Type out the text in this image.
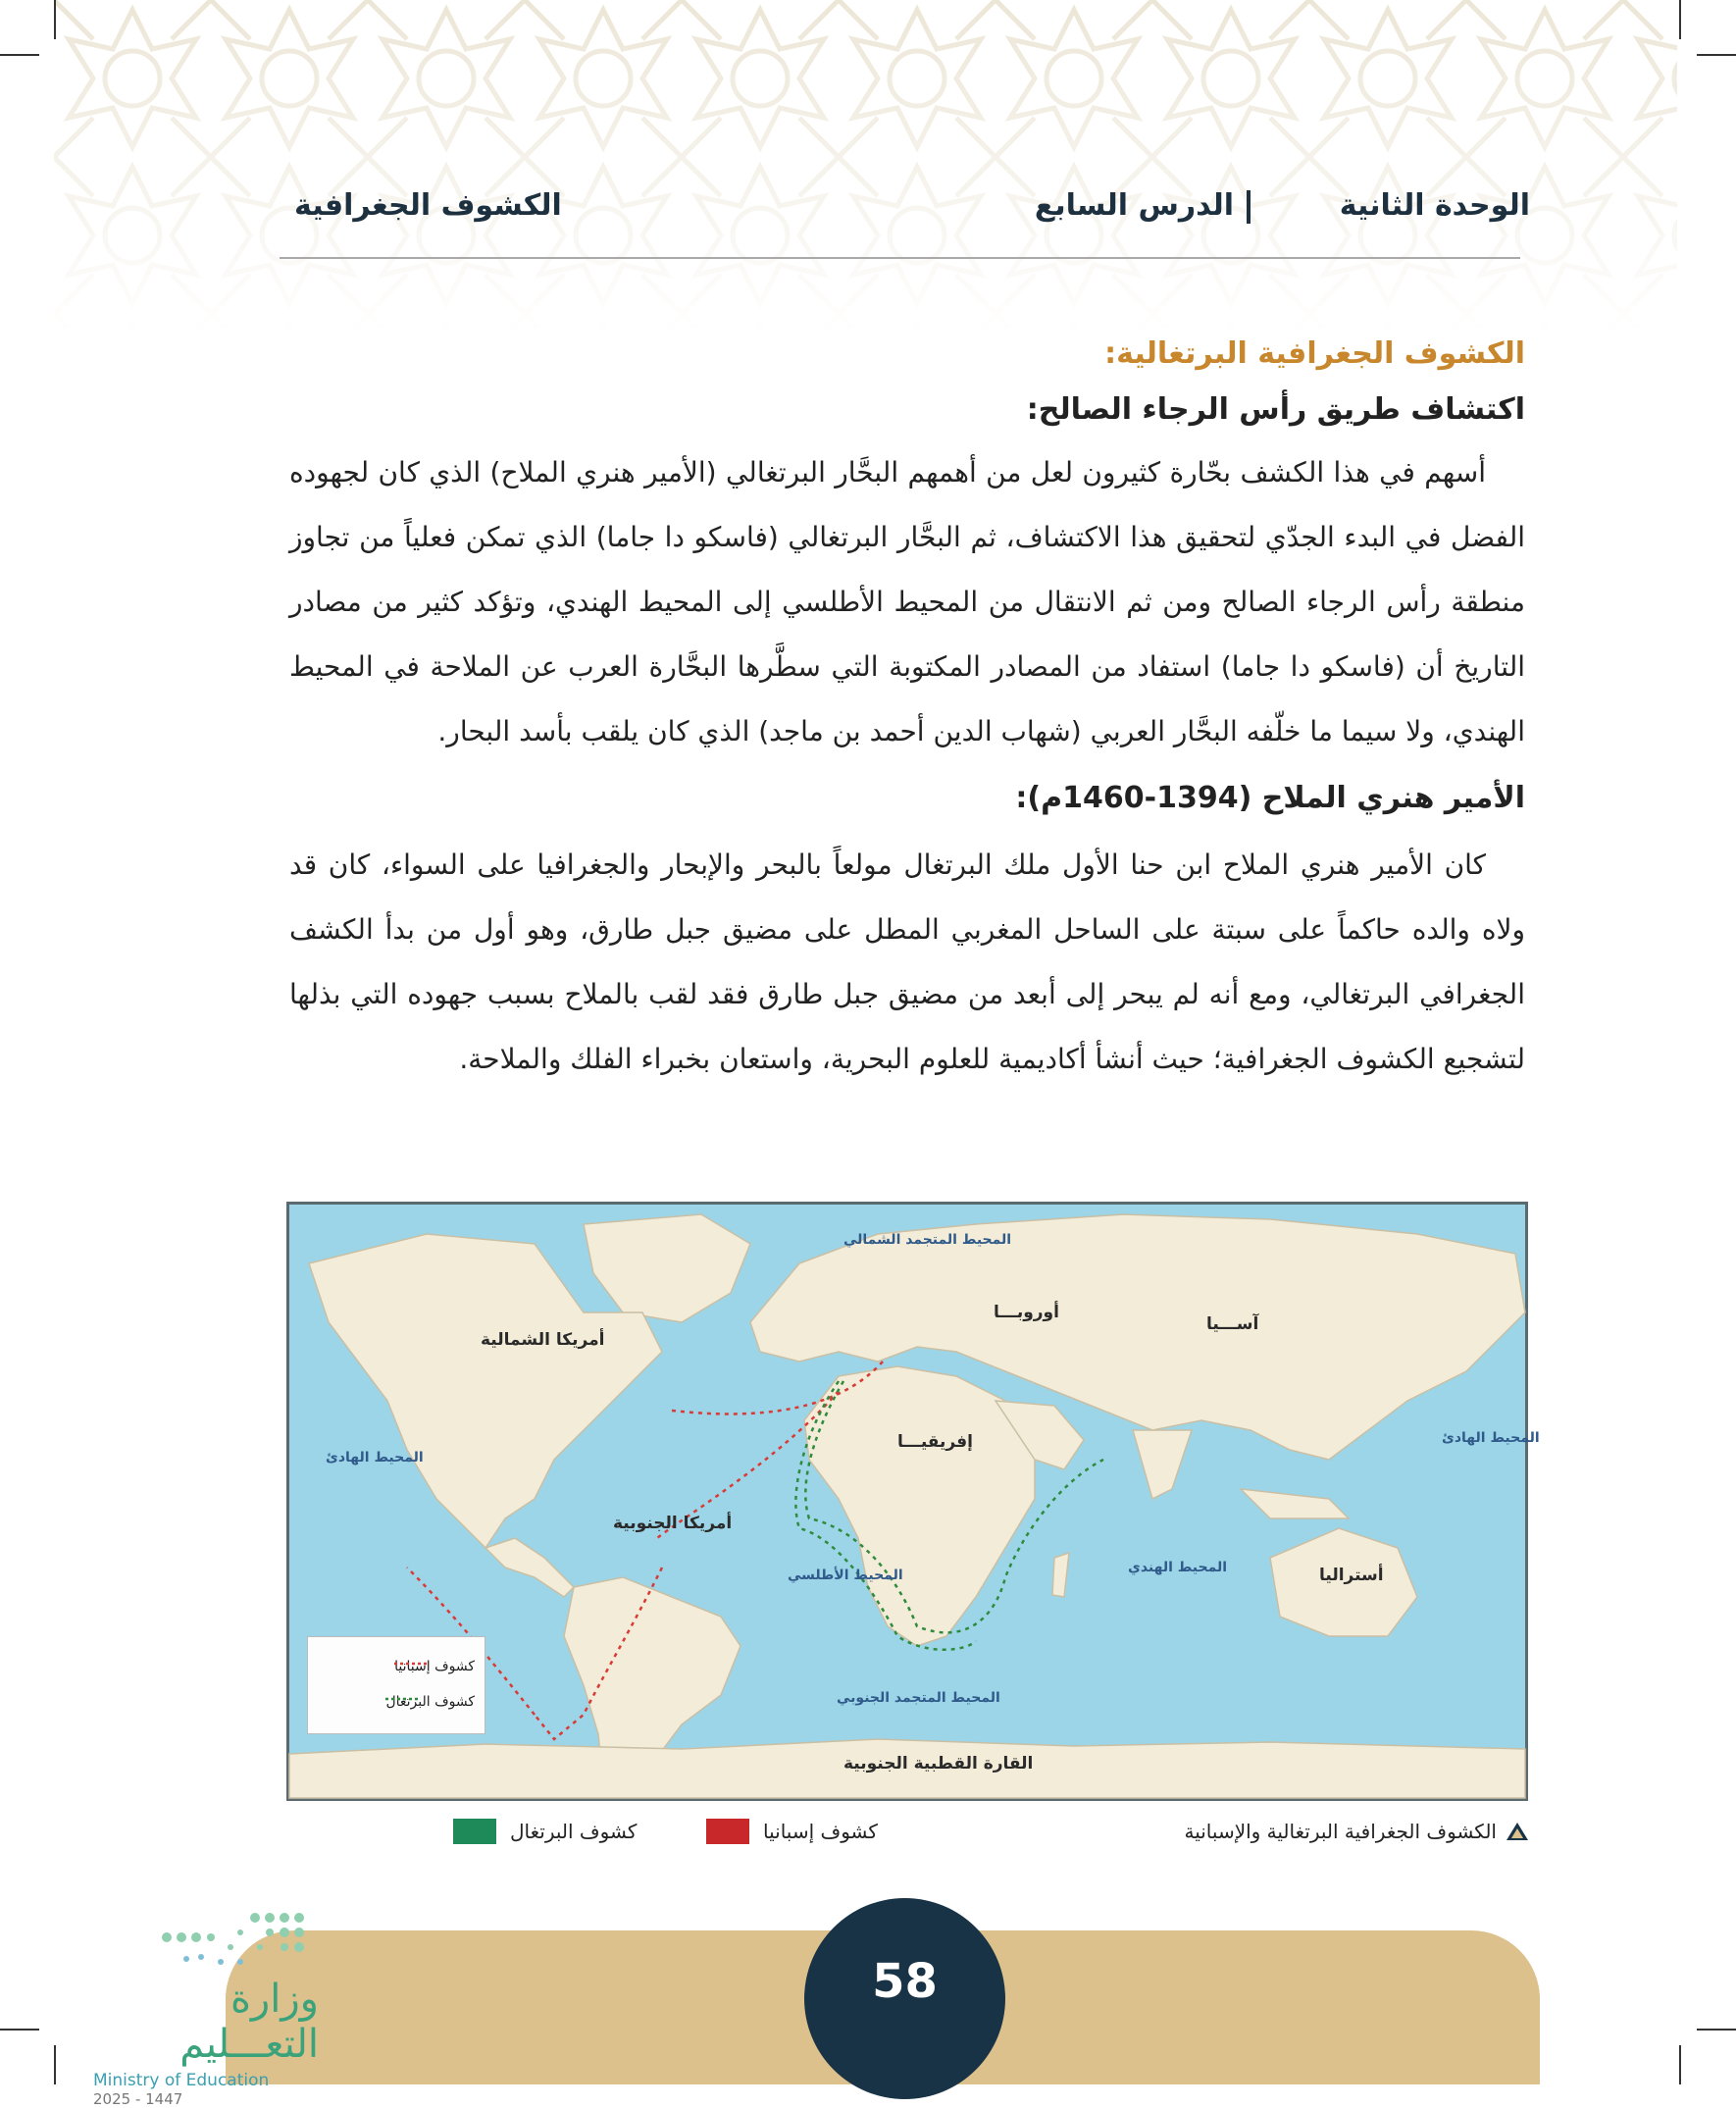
الوحدة الثانية
الدرس السابع
الكشوف الجغرافية
الكشوف الجغرافية البرتغالية:
اكتشاف طريق رأس الرجاء الصالح:

أسهم في هذا الكشف بحّارة كثيرون لعل من أهمهم البحَّار البرتغالي (الأمير هنري الملاح) الذي كان لجهوده الفضل في البدء الجدّي لتحقيق هذا الاكتشاف، ثم البحَّار البرتغالي (فاسكو دا جاما) الذي تمكن فعلياً من تجاوز منطقة رأس الرجاء الصالح ومن ثم الانتقال من المحيط الأطلسي إلى المحيط الهندي، وتؤكد كثير من مصادر التاريخ أن (فاسكو دا جاما) استفاد من المصادر المكتوبة التي سطَّرها البحَّارة العرب عن الملاحة في المحيط الهندي، ولا سيما ما خلّفه البحَّار العربي (شهاب الدين أحمد بن ماجد) الذي كان يلقب بأسد البحار.

الأمير هنري الملاح (1394-1460م):

كان الأمير هنري الملاح ابن حنا الأول ملك البرتغال مولعاً بالبحر والإبحار والجغرافيا على السواء، كان قد ولاه والده حاكماً على سبتة على الساحل المغربي المطل على مضيق جبل طارق، وهو أول من بدأ الكشف الجغرافي البرتغالي، ومع أنه لم يبحر إلى أبعد من مضيق جبل طارق فقد لقب بالملاح بسبب جهوده التي بذلها لتشجيع الكشوف الجغرافية؛ حيث أنشأ أكاديمية للعلوم البحرية، واستعان بخبراء الفلك والملاحة.

المحيط المتجمد الشمالي
أوروبـــا
آســـيا
أمريكا الشمالية
إفريقيـــا
المحيط الهادئ
المحيط الهادئ
أمريكا الجنوبية
المحيط الأطلسي	المحيط الهندي	أستراليا
المحيط المتجمد الجنوبي
القارة القطبية الجنوبية
كشوف إسبانيا
كشوف البرتغال
الكشوف الجغرافية البرتغالية والإسبانية
كشوف إسبانيا
كشوف البرتغال
58
وزارة التعـــليم
Ministry of Education
2025 - 1447
